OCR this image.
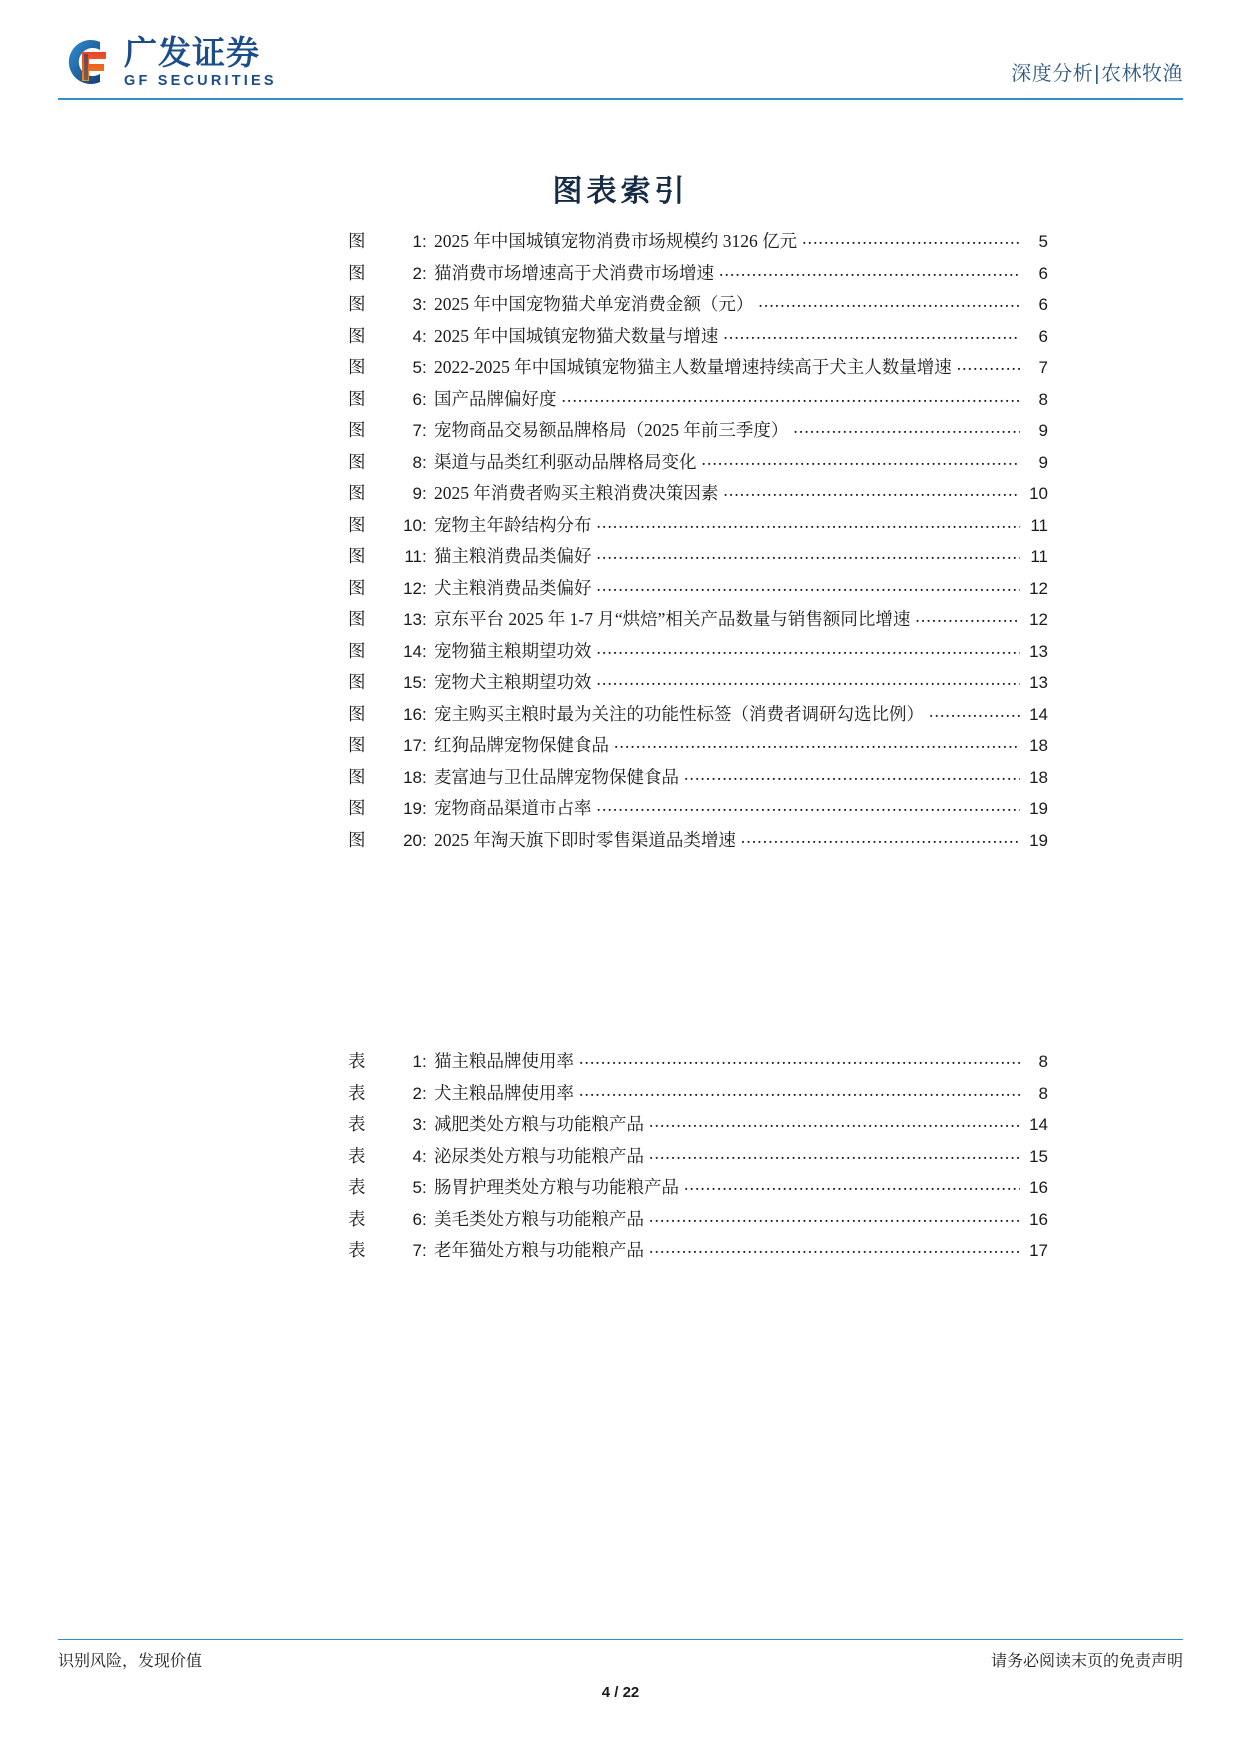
广发证券
GF SECURITIES	深度分析|农林牧渔
图表索引
图	1 : 2025 年中国城镇宠物消费市场规模约 3126 亿元 .....	5
图	2 : 猫消费市场增速高于犬消费市场增速 .....	6
图	3 : 2025 年中国宠物猫犬单宠消费金额（元） .....	6
图	4 : 2025 年中国城镇宠物猫犬数量与增速 .....	6
图	5 : 2022-2025 年中国城镇宠物猫主人数量增速持续高于犬主人数量增速 .....	7
图	6 : 国产品牌偏好度 .....	8
图	7 : 宠物商品交易额品牌格局（2025 年前三季度） .....	9
图	8 : 渠道与品类红利驱动品牌格局变化 .....	9
图	9 : 2025 年消费者购买主粮消费决策因素 .....	10
图	10 : 宠物主年龄结构分布 .....	11
图	11 : 猫主粮消费品类偏好 .....	11
图	12 : 犬主粮消费品类偏好 .....	12
图	13 : 京东平台 2025 年 1-7 月“烘焙”相关产品数量与销售额同比增速 .....	12
图	14 : 宠物猫主粮期望功效 .....	13
图	15 : 宠物犬主粮期望功效 .....	13
图	16 : 宠主购买主粮时最为关注的功能性标签（消费者调研勾选比例） .....	14
图	17 : 红狗品牌宠物保健食品 .....	18
图	18 : 麦富迪与卫仕品牌宠物保健食品 .....	18
图	19 : 宠物商品渠道市占率 .....	19
图	20 : 2025 年淘天旗下即时零售渠道品类增速 .....	19
表	1 : 猫主粮品牌使用率 .....	8
表	2 : 犬主粮品牌使用率 .....	8
表	3 : 减肥类处方粮与功能粮产品 .....	14
表	4 : 泌尿类处方粮与功能粮产品 .....	15
表	5 : 肠胃护理类处方粮与功能粮产品 .....	16
表	6 : 美毛类处方粮与功能粮产品 .....	16
表	7 : 老年猫处方粮与功能粮产品 .....	17
识别风险，发现价值	请务必阅读末页的免责声明
4 / 22
